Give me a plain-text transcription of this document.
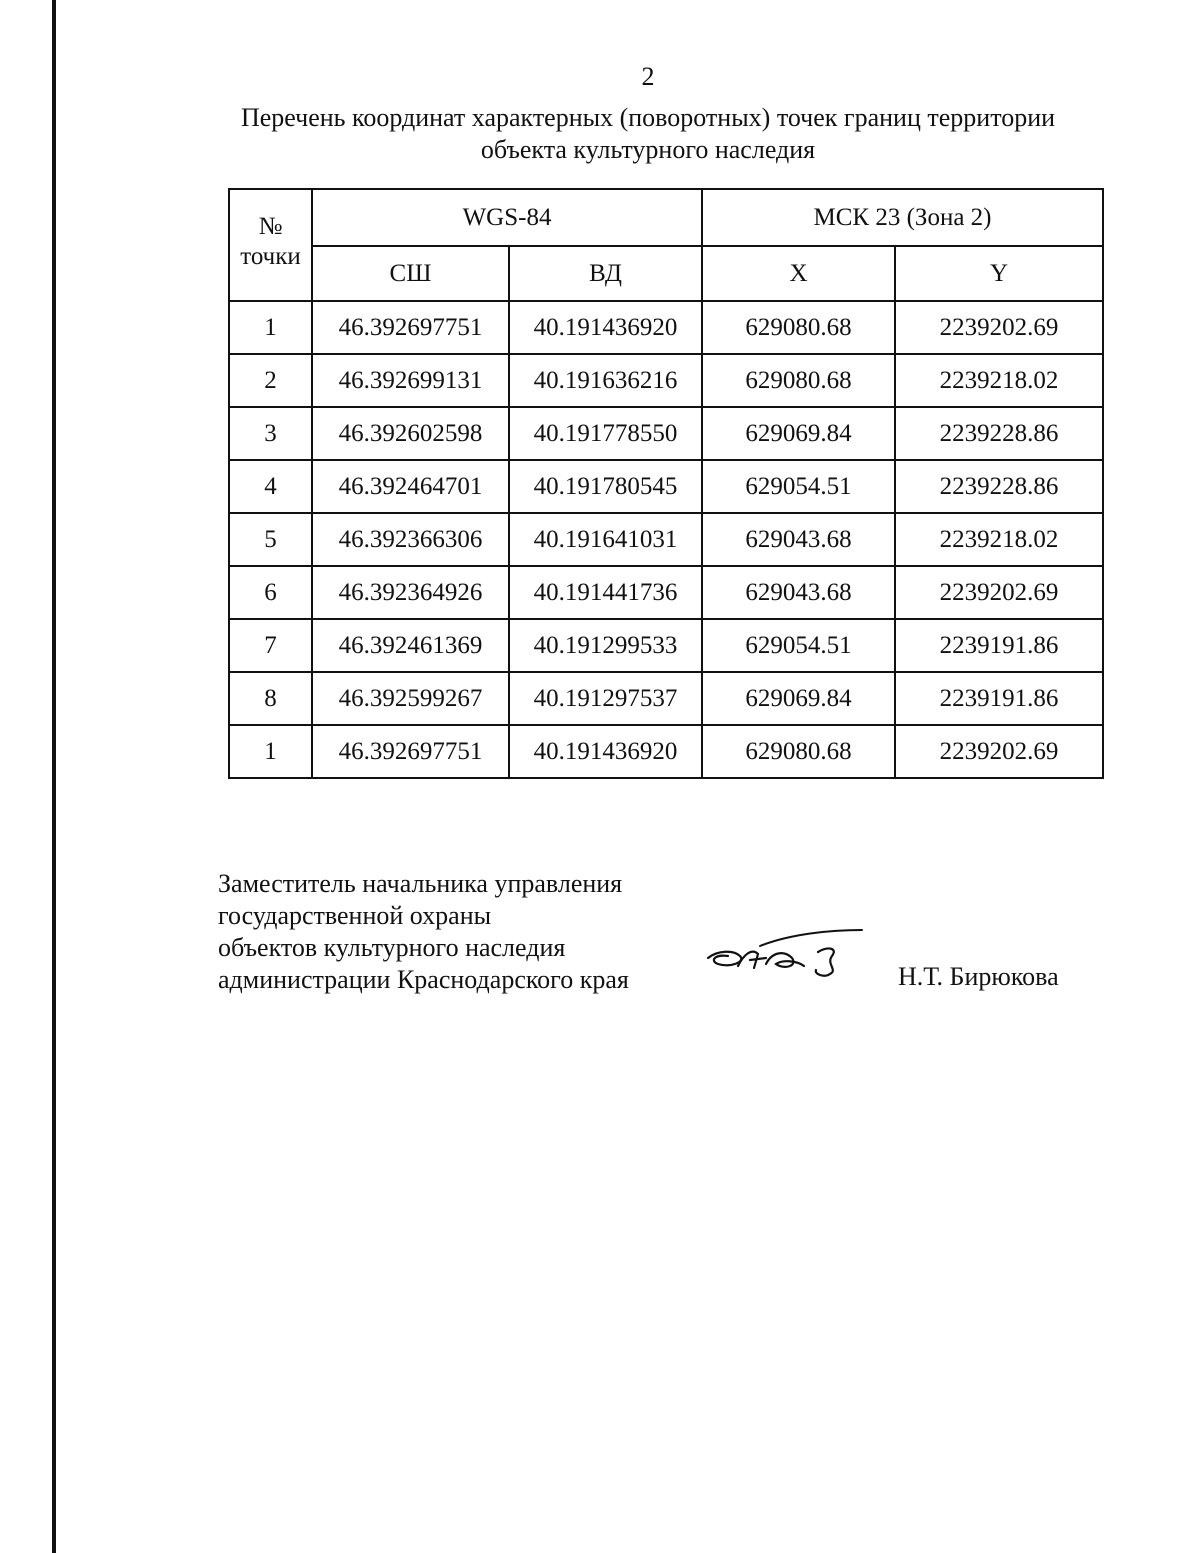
2
Перечень координат характерных (поворотных) точек границ территории
объекта культурного наследия
№
точки	WGS-84		МСК 23 (Зона 2)	
	СШ	ВД	X	Y
1	46.392697751	40.191436920	629080.68	2239202.69
2	46.392699131	40.191636216	629080.68	2239218.02
3	46.392602598	40.191778550	629069.84	2239228.86
4	46.392464701	40.191780545	629054.51	2239228.86
5	46.392366306	40.191641031	629043.68	2239218.02
6	46.392364926	40.191441736	629043.68	2239202.69
7	46.392461369	40.191299533	629054.51	2239191.86
8	46.392599267	40.191297537	629069.84	2239191.86
1	46.392697751	40.191436920	629080.68	2239202.69
Заместитель начальника управления
государственной охраны
объектов культурного наследия
администрации Краснодарского края	Н.Т. Бирюкова
